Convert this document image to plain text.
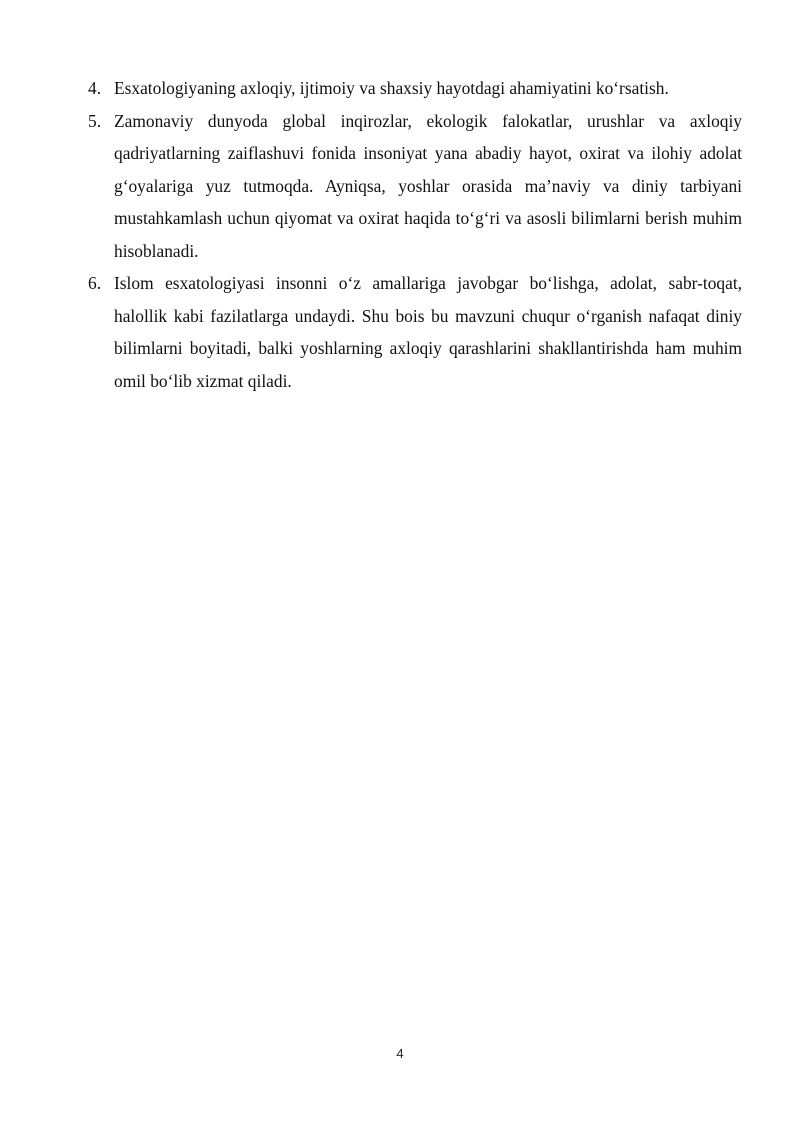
4. Esxatologiyaning axloqiy, ijtimoiy va shaxsiy hayotdagi ahamiyatini koʻrsatish.
5. Zamonaviy dunyoda global inqirozlar, ekologik falokatlar, urushlar va axloqiy qadriyatlarning zaiflashuvi fonida insoniyat yana abadiy hayot, oxirat va ilohiy adolat gʻoyalariga yuz tutmoqda. Ayniqsa, yoshlar orasida maʼnaviy va diniy tarbiyani mustahkamlash uchun qiyomat va oxirat haqida toʻgʻri va asosli bilimlarni berish muhim hisoblanadi.
6. Islom esxatologiyasi insonni oʻz amallariga javobgar boʻlishga, adolat, sabr-toqat, halollik kabi fazilatlarga undaydi. Shu bois bu mavzuni chuqur oʻrganish nafaqat diniy bilimlarni boyitadi, balki yoshlarning axloqiy qarashlarini shakllantirishda ham muhim omil boʻlib xizmat qiladi.
4
